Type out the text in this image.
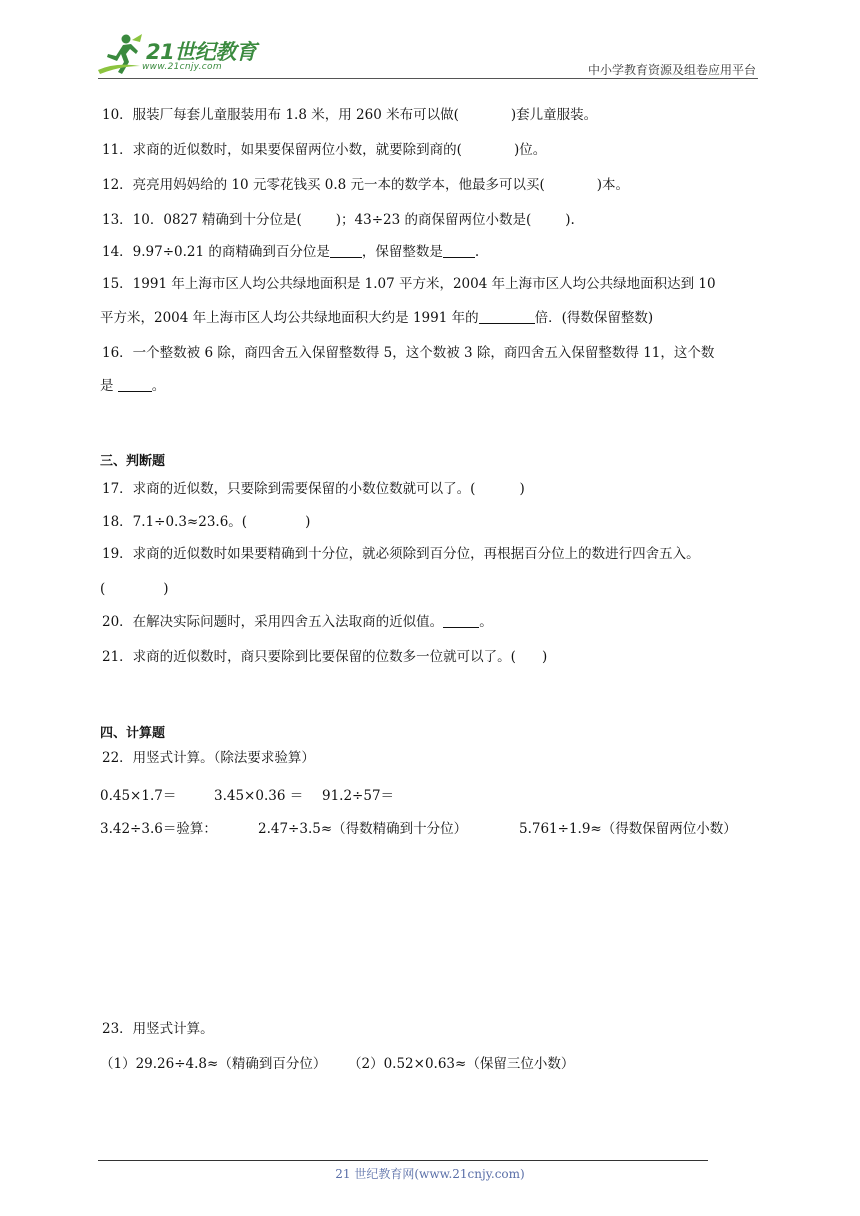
21世纪教育
www.21cnjy.com	中小学教育资源及组卷应用平台
10．服装厂每套儿童服装用布 1.8 米，用 260 米布可以做(	)套儿童服装。
11．求商的近似数时，如果要保留两位小数，就要除到商的(	)位。
12．亮亮用妈妈给的 10 元零花钱买 0.8 元一本的数学本，他最多可以买(	)本。
13．10．0827 精确到十分位是(	)；43÷23 的商保留两位小数是(	).
14．9.97÷0.21 的商精确到百分位是 ，保留整数是 .
15．1991 年上海市区人均公共绿地面积是 1.07 平方米，2004 年上海市区人均公共绿地面积达到 10
平方米，2004 年上海市区人均公共绿地面积大约是 1991 年的	倍．(得数保留整数)
16．一个整数被 6 除，商四舍五入保留整数得 5，这个数被 3 除，商四舍五入保留整数得 11，这个数
是	。
三、判断题
17．求商的近似数，只要除到需要保留的小数位数就可以了。(	)
18．7.1÷0.3≈23.6。(	)
19．求商的近似数时如果要精确到十分位，就必须除到百分位，再根据百分位上的数进行四舍五入。
(	)
20．在解决实际问题时，采用四舍五入法取商的近似值。	。
21．求商的近似数时，商只要除到比要保留的位数多一位就可以了。( )
四、计算题
22．用竖式计算。（除法要求验算）
0.45×1.7＝	3.45×0.36 ＝ 91.2÷57＝
3.42÷3.6＝验算：	2.47÷3.5≈（得数精确到十分位）	5.761÷1.9≈（得数保留两位小数）
23．用竖式计算。
（1）29.26÷4.8≈（精确到百分位） （2）0.52×0.63≈（保留三位小数）
21 世纪教育网(www.21cnjy.com)
